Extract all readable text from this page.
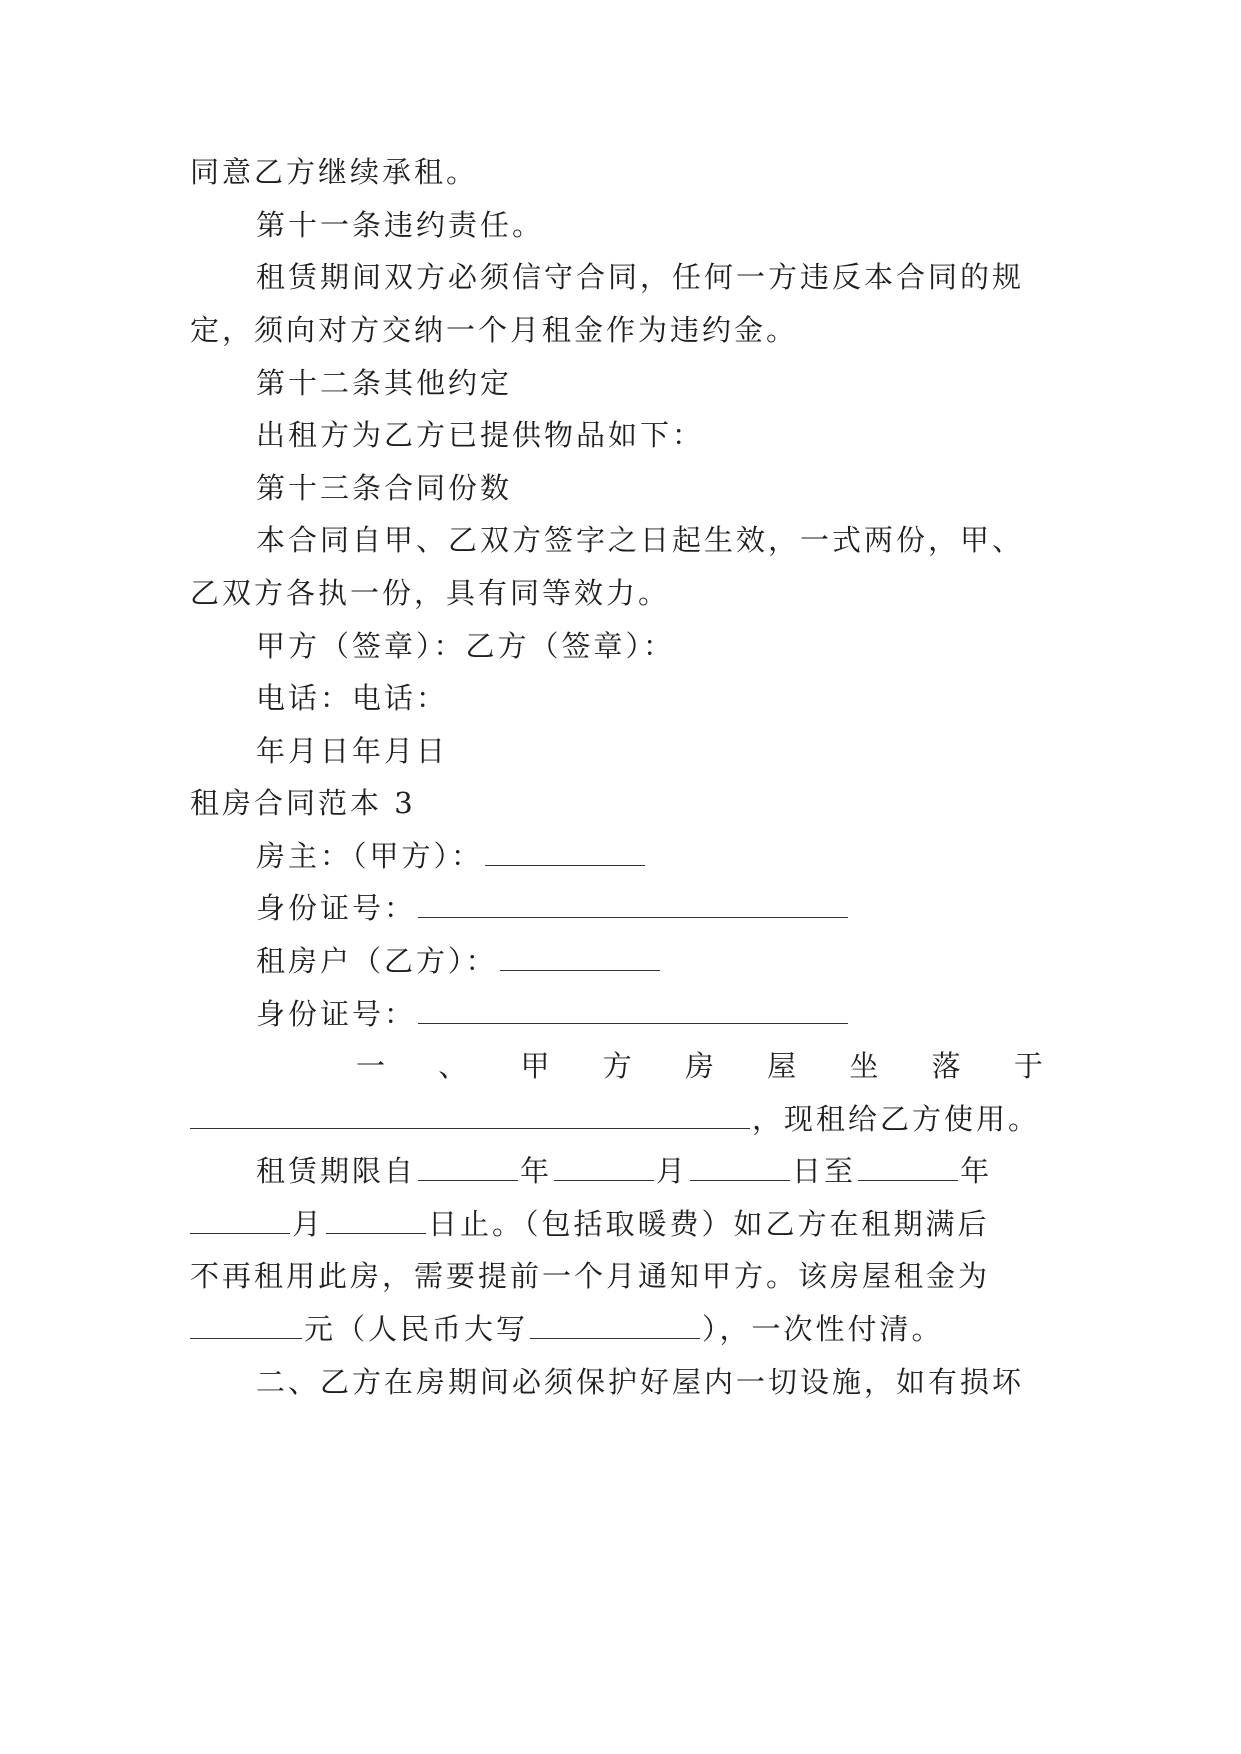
同意乙方继续承租。
第十一条违约责任。
租赁期间双方必须信守合同，任何一方违反本合同的规
定，须向对方交纳一个月租金作为违约金。
第十二条其他约定
出租方为乙方已提供物品如下：
第十三条合同份数
本合同自甲、乙双方签字之日起生效，一式两份，甲、
乙双方各执一份，具有同等效力。
甲方（签章）：乙方（签章）：
电话：电话：
年月日年月日
租房合同范本 3
房主：（甲方）：
身份证号：
租房户（乙方）：
身份证号：
一 、 甲 方 房 屋 坐 落 于
，现租给乙方使用。
租赁期限自	年	月	日至	年
月	日止。（包括取暖费）如乙方在租期满后
不再租用此房，需要提前一个月通知甲方。该房屋租金为
元（人民币大写	），一次性付清。
二、乙方在房期间必须保护好屋内一切设施，如有损坏
